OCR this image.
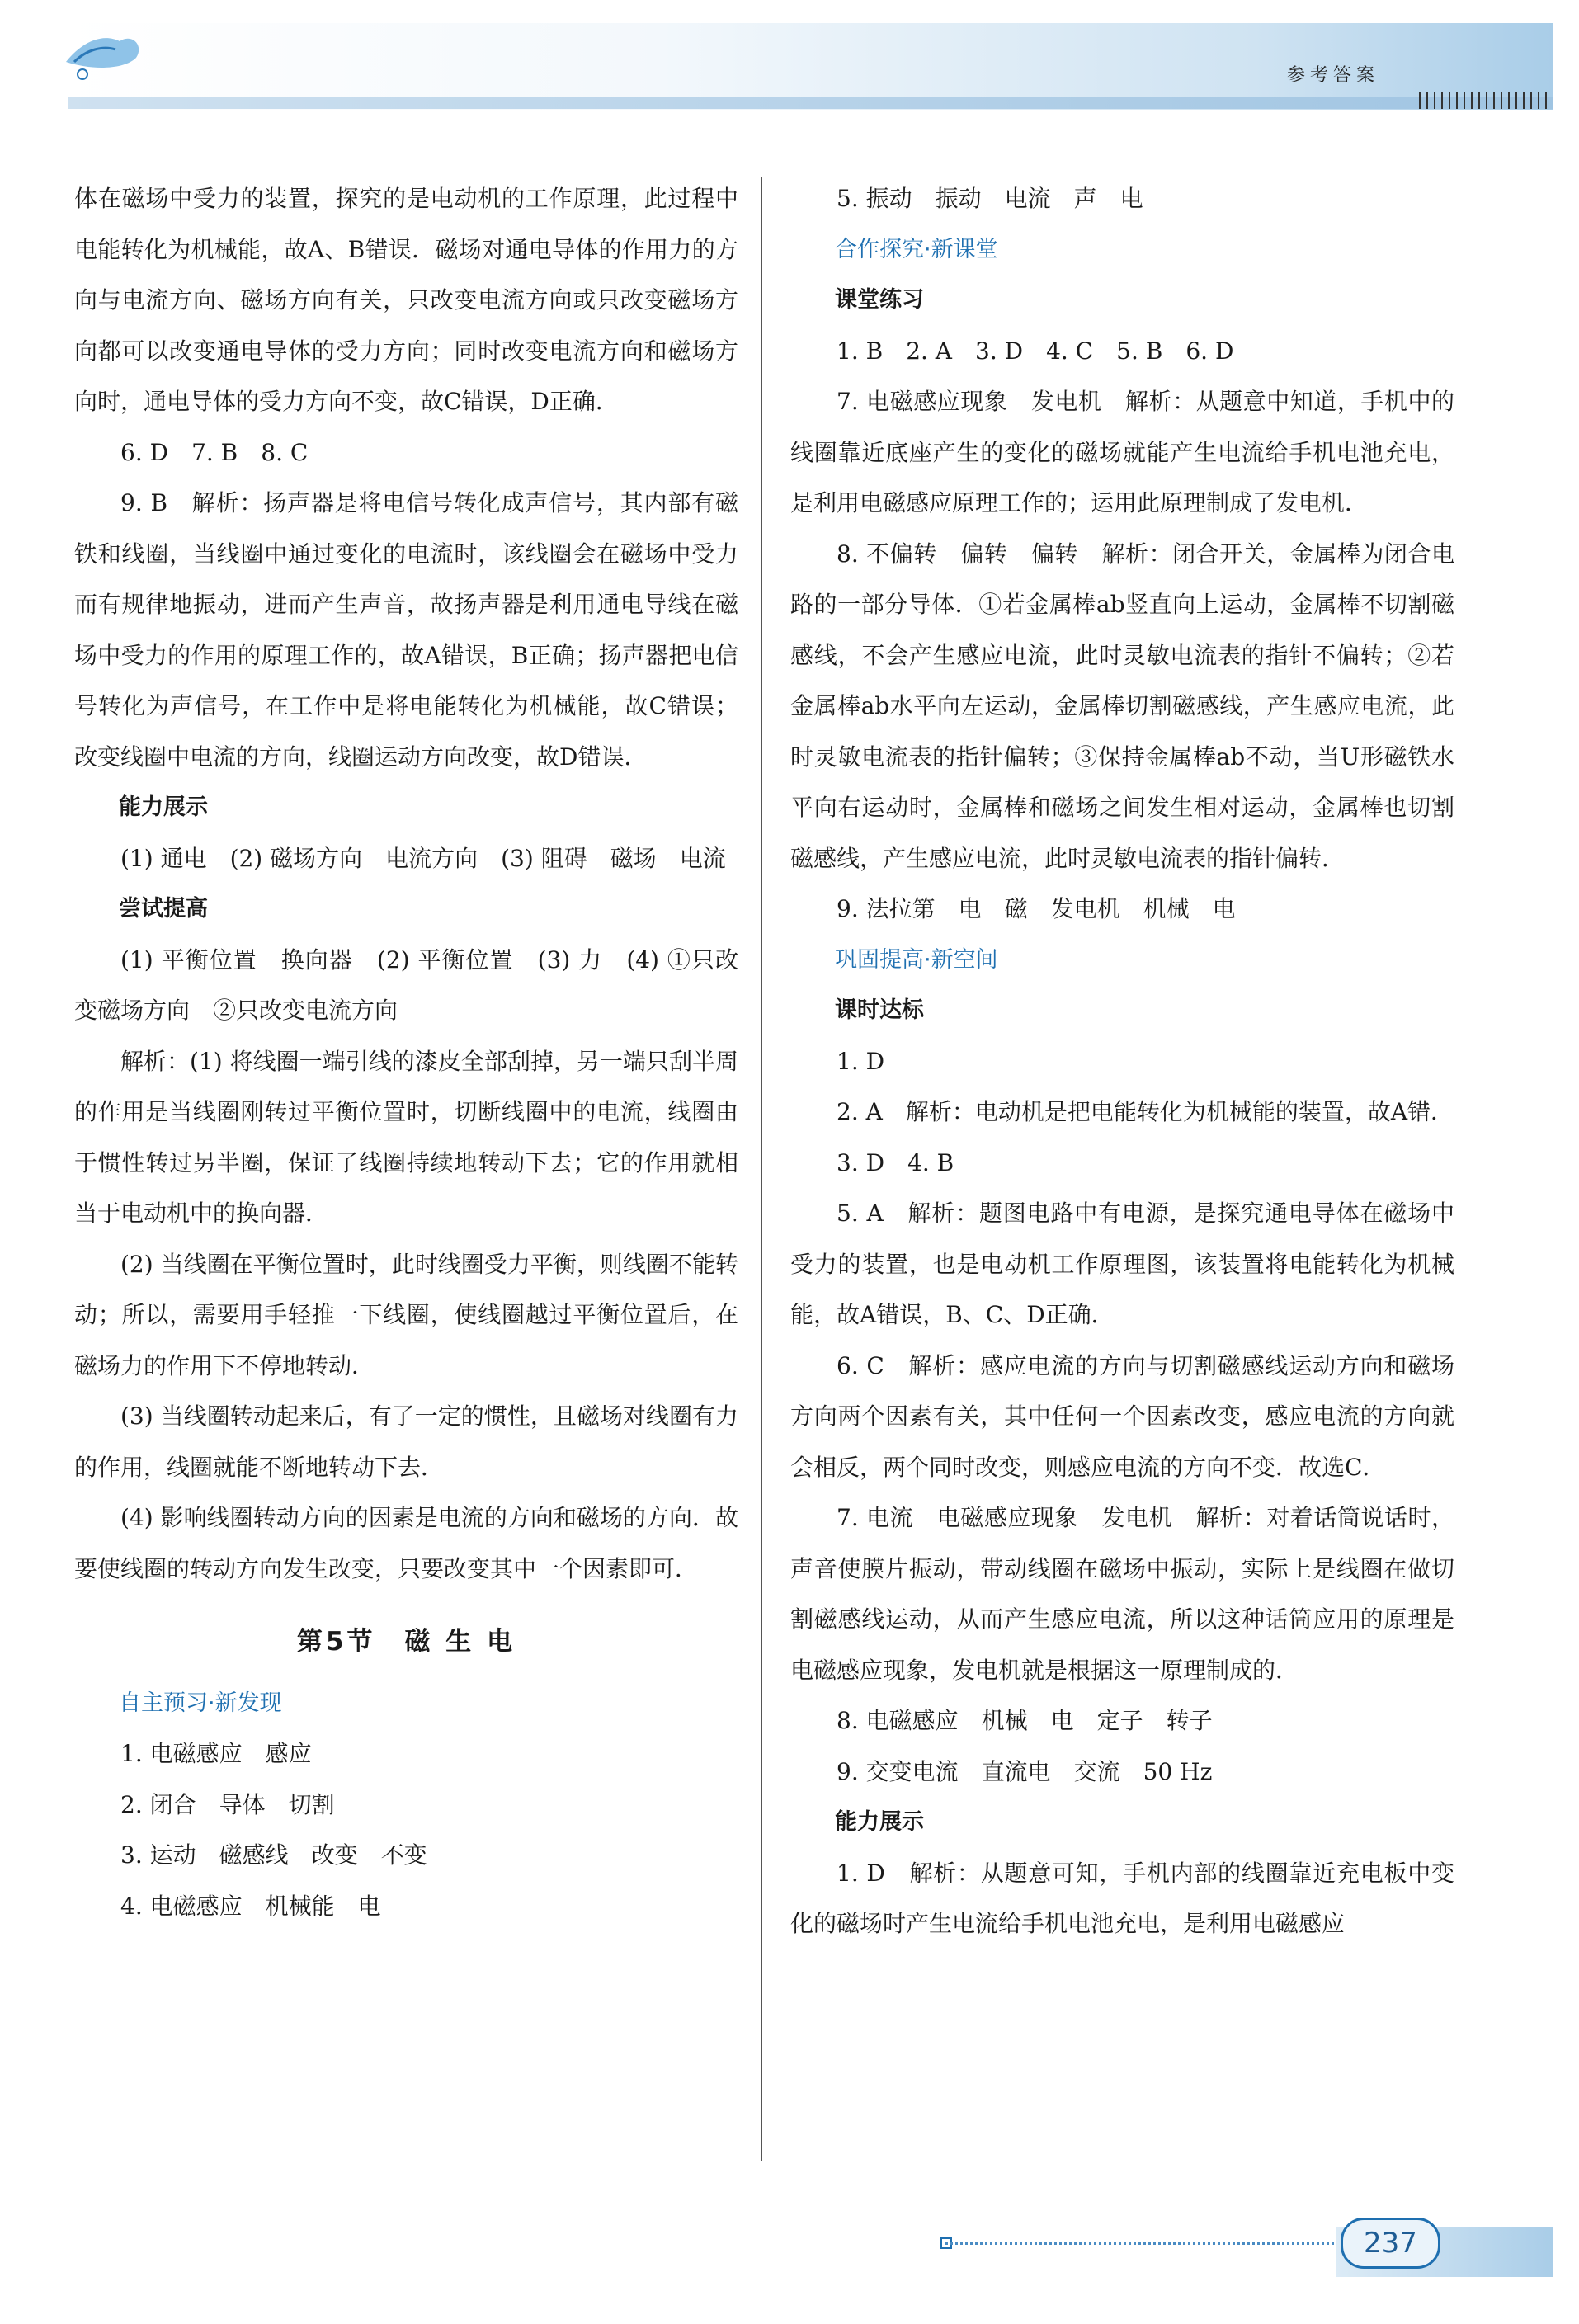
参考答案

体在磁场中受力的装置，探究的是电动机的工作原理，此过程中电能转化为机械能，故A、B错误．磁场对通电导体的作用力的方向与电流方向、磁场方向有关，只改变电流方向或只改变磁场方向都可以改变通电导体的受力方向；同时改变电流方向和磁场方向时，通电导体的受力方向不变，故C错误，D正确．

6. D　7. B　8. C

9. B　解析：扬声器是将电信号转化成声信号，其内部有磁铁和线圈，当线圈中通过变化的电流时，该线圈会在磁场中受力而有规律地振动，进而产生声音，故扬声器是利用通电导线在磁场中受力的作用的原理工作的，故A错误，B正确；扬声器把电信号转化为声信号，在工作中是将电能转化为机械能，故C错误；改变线圈中电流的方向，线圈运动方向改变，故D错误．

能力展示

(1) 通电　(2) 磁场方向　电流方向　(3) 阻碍　磁场　电流

尝试提高

(1) 平衡位置　换向器　(2) 平衡位置　(3) 力　(4) ①只改变磁场方向　②只改变电流方向

解析：(1) 将线圈一端引线的漆皮全部刮掉，另一端只刮半周的作用是当线圈刚转过平衡位置时，切断线圈中的电流，线圈由于惯性转过另半圈，保证了线圈持续地转动下去；它的作用就相当于电动机中的换向器．

(2) 当线圈在平衡位置时，此时线圈受力平衡，则线圈不能转动；所以，需要用手轻推一下线圈，使线圈越过平衡位置后，在磁场力的作用下不停地转动．

(3) 当线圈转动起来后，有了一定的惯性，且磁场对线圈有力的作用，线圈就能不断地转动下去．

(4) 影响线圈转动方向的因素是电流的方向和磁场的方向．故要使线圈的转动方向发生改变，只要改变其中一个因素即可．

第5节　磁 生 电

自主预习·新发现

1. 电磁感应　感应

2. 闭合　导体　切割

3. 运动　磁感线　改变　不变

4. 电磁感应　机械能　电

5. 振动　振动　电流　声　电

合作探究·新课堂

课堂练习

1. B　2. A　3. D　4. C　5. B　6. D

7. 电磁感应现象　发电机　解析：从题意中知道，手机中的线圈靠近底座产生的变化的磁场就能产生电流给手机电池充电，是利用电磁感应原理工作的；运用此原理制成了发电机．

8. 不偏转　偏转　偏转　解析：闭合开关，金属棒为闭合电路的一部分导体．①若金属棒ab竖直向上运动，金属棒不切割磁感线，不会产生感应电流，此时灵敏电流表的指针不偏转；②若金属棒ab水平向左运动，金属棒切割磁感线，产生感应电流，此时灵敏电流表的指针偏转；③保持金属棒ab不动，当U形磁铁水平向右运动时，金属棒和磁场之间发生相对运动，金属棒也切割磁感线，产生感应电流，此时灵敏电流表的指针偏转．

9. 法拉第　电　磁　发电机　机械　电

巩固提高·新空间

课时达标

1. D

2. A　解析：电动机是把电能转化为机械能的装置，故A错．

3. D　4. B

5. A　解析：题图电路中有电源，是探究通电导体在磁场中受力的装置，也是电动机工作原理图，该装置将电能转化为机械能，故A错误，B、C、D正确．

6. C　解析：感应电流的方向与切割磁感线运动方向和磁场方向两个因素有关，其中任何一个因素改变，感应电流的方向就会相反，两个同时改变，则感应电流的方向不变．故选C．

7. 电流　电磁感应现象　发电机　解析：对着话筒说话时，声音使膜片振动，带动线圈在磁场中振动，实际上是线圈在做切割磁感线运动，从而产生感应电流，所以这种话筒应用的原理是电磁感应现象，发电机就是根据这一原理制成的．

8. 电磁感应　机械　电　定子　转子

9. 交变电流　直流电　交流　50 Hz

能力展示

1. D　解析：从题意可知，手机内部的线圈靠近充电板中变化的磁场时产生电流给手机电池充电，是利用电磁感应

237
